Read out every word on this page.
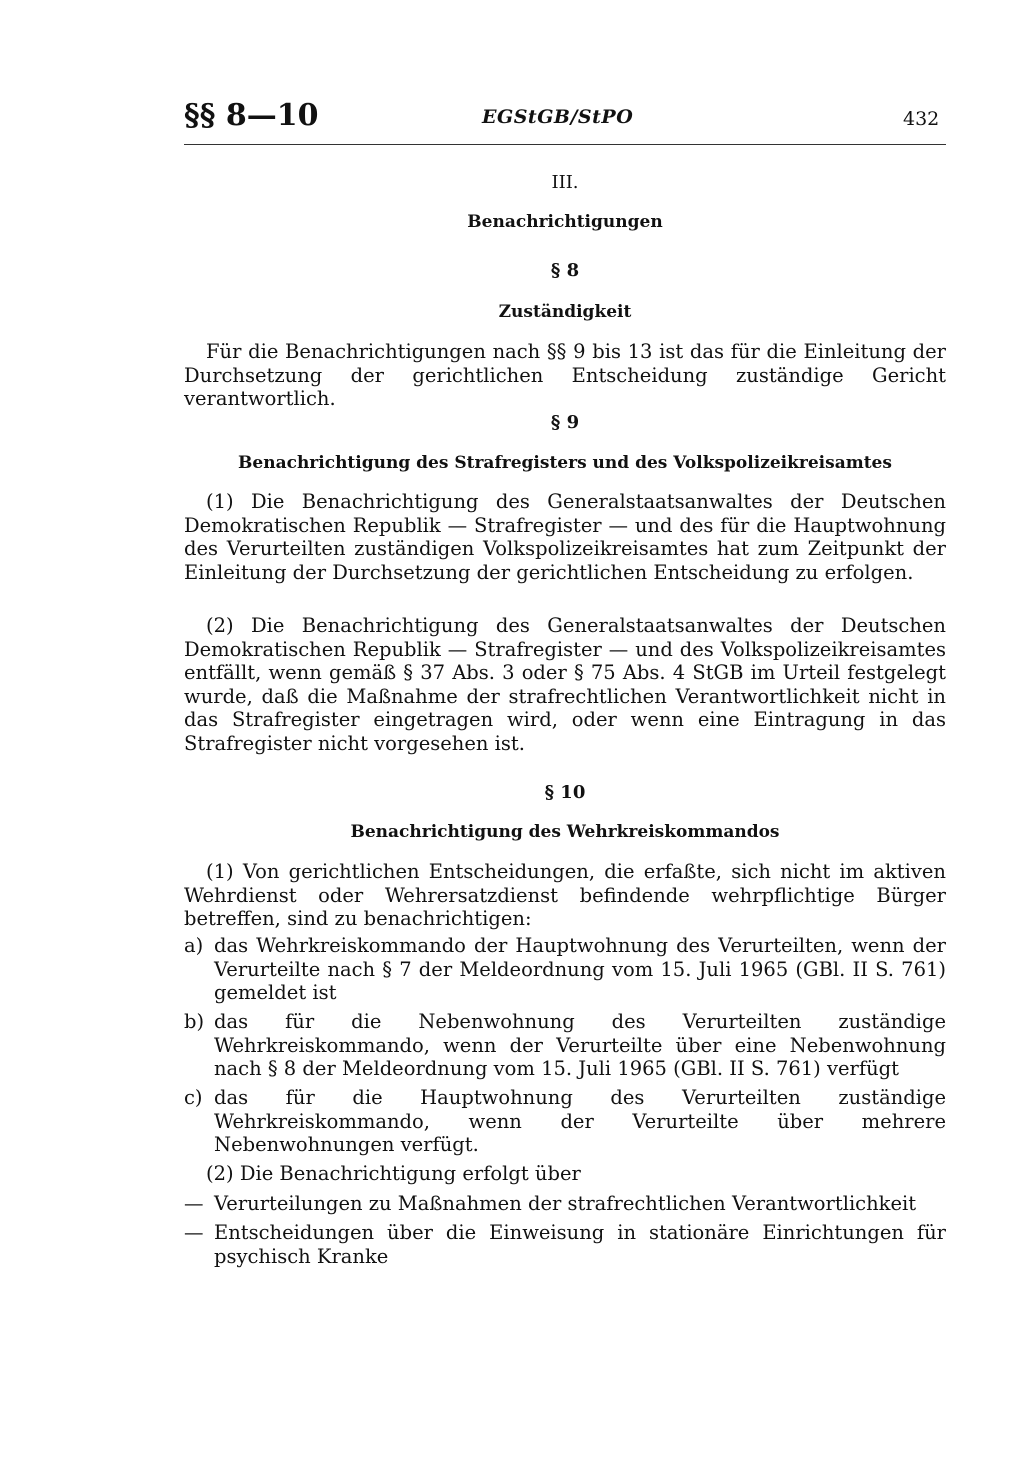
§§ 8—10	EGStGB/StPO	432
III.
Benachrichtigungen
§ 8
Zuständigkeit
Für die Benachrichtigungen nach §§ 9 bis 13 ist das für die Einleitung der Durchsetzung der gerichtlichen Entscheidung zuständige Gericht verantwortlich.
§ 9
Benachrichtigung des Strafregisters und des Volkspolizeikreisamtes
(1) Die Benachrichtigung des Generalstaatsanwaltes der Deutschen Demokratischen Republik — Strafregister — und des für die Hauptwohnung des Verurteilten zuständigen Volkspolizeikreisamtes hat zum Zeitpunkt der Einleitung der Durchsetzung der gerichtlichen Entscheidung zu erfolgen.
(2) Die Benachrichtigung des Generalstaatsanwaltes der Deutschen Demokratischen Republik — Strafregister — und des Volkspolizeikreisamtes entfällt, wenn gemäß § 37 Abs. 3 oder § 75 Abs. 4 StGB im Urteil festgelegt wurde, daß die Maßnahme der strafrechtlichen Verantwortlichkeit nicht in das Strafregister eingetragen wird, oder wenn eine Eintragung in das Strafregister nicht vorgesehen ist.
§ 10
Benachrichtigung des Wehrkreiskommandos
(1) Von gerichtlichen Entscheidungen, die erfaßte, sich nicht im aktiven Wehrdienst oder Wehrersatzdienst befindende wehrpflichtige Bürger betreffen, sind zu benachrichtigen:
a) das Wehrkreiskommando der Hauptwohnung des Verurteilten, wenn der Verurteilte nach § 7 der Meldeordnung vom 15. Juli 1965 (GBl. II S. 761) gemeldet ist
b) das für die Nebenwohnung des Verurteilten zuständige Wehrkreiskommando, wenn der Verurteilte über eine Nebenwohnung nach § 8 der Meldeordnung vom 15. Juli 1965 (GBl. II S. 761) verfügt
c) das für die Hauptwohnung des Verurteilten zuständige Wehrkreiskommando, wenn der Verurteilte über mehrere Nebenwohnungen verfügt.
(2) Die Benachrichtigung erfolgt über
— Verurteilungen zu Maßnahmen der strafrechtlichen Verantwortlichkeit
— Entscheidungen über die Einweisung in stationäre Einrichtungen für psychisch Kranke
